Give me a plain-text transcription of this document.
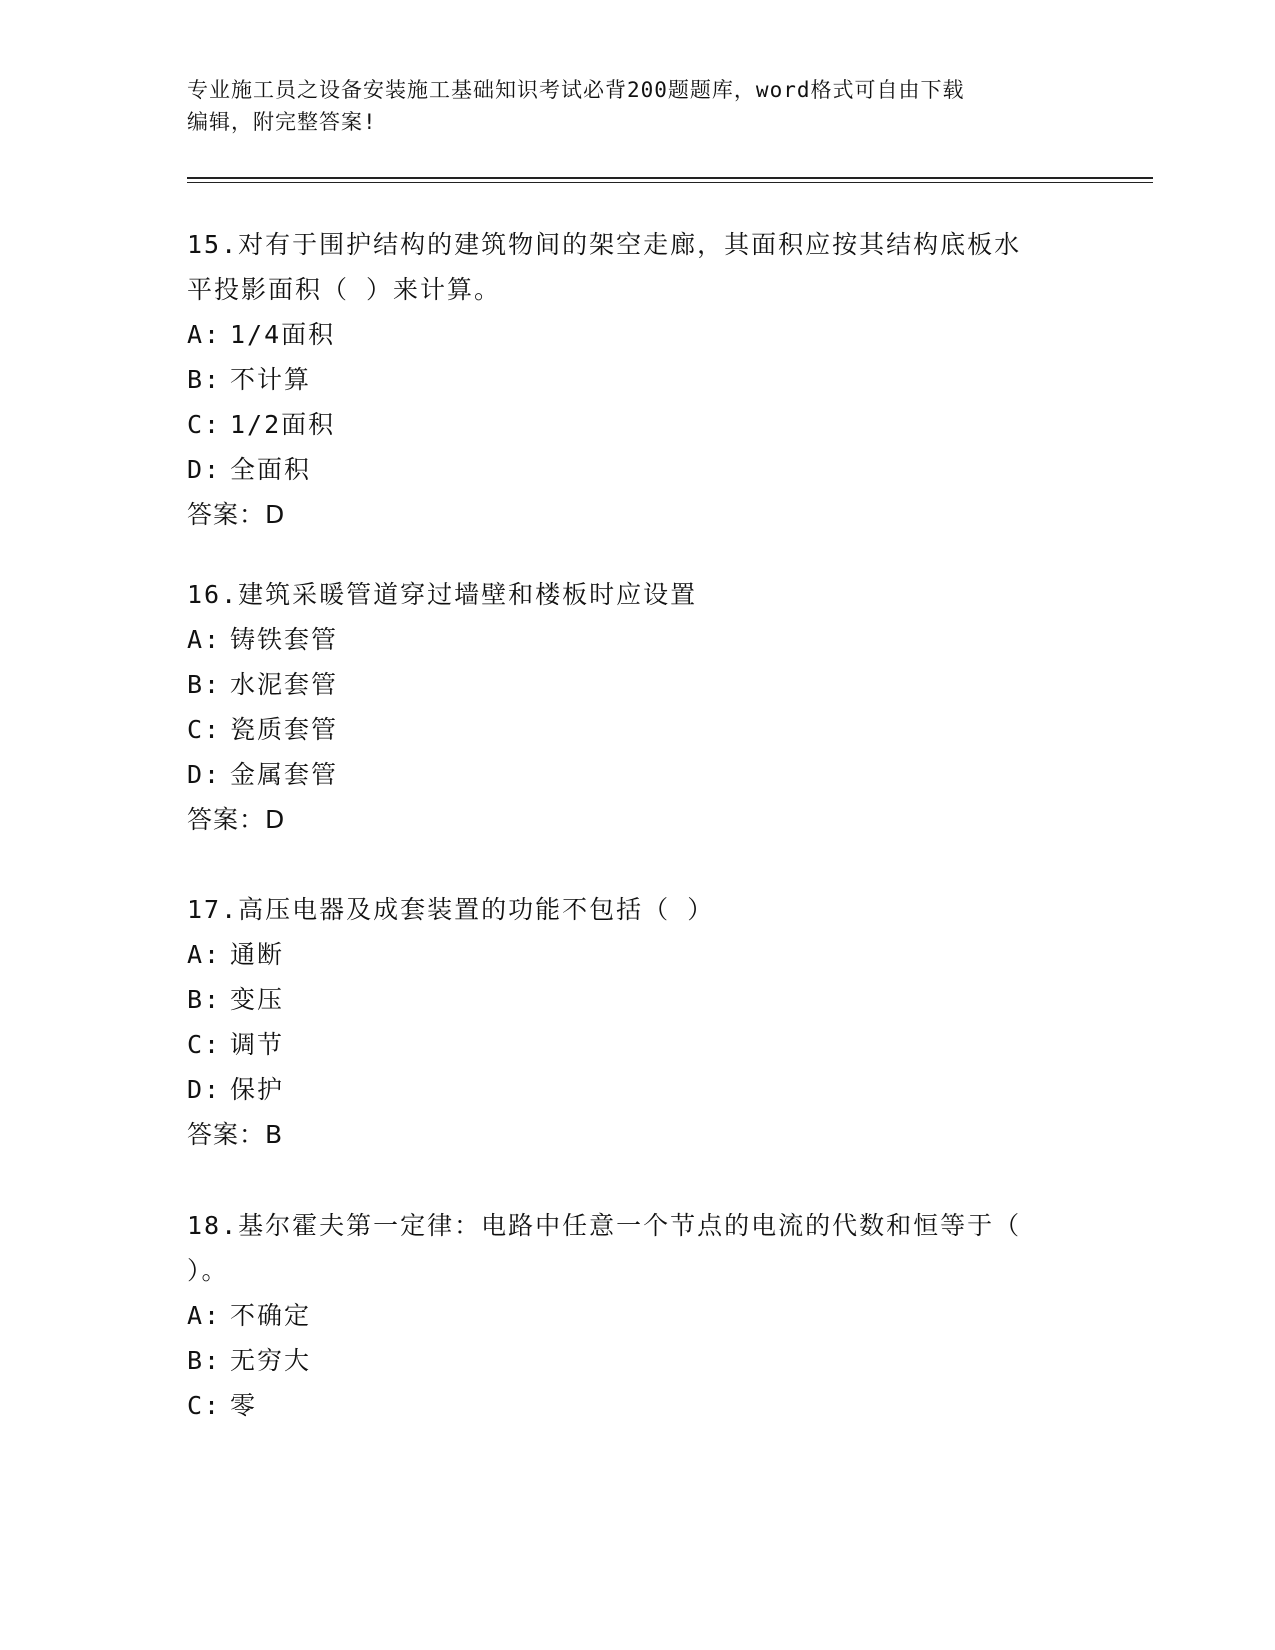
专业施工员之设备安装施工基础知识考试必背200题题库，word格式可自由下载
编辑，附完整答案!
15.对有于围护结构的建筑物间的架空走廊，其面积应按其结构底板水
平投影面积（ ）来计算。
A: 1/4面积
B: 不计算
C: 1/2面积
D: 全面积
答案：D
16.建筑采暖管道穿过墙壁和楼板时应设置
A: 铸铁套管
B: 水泥套管
C: 瓷质套管
D: 金属套管
答案：D
17.高压电器及成套装置的功能不包括（ ）
A: 通断
B: 变压
C: 调节
D: 保护
答案：B
18.基尔霍夫第一定律：电路中任意一个节点的电流的代数和恒等于（
）。
A: 不确定
B: 无穷大
C: 零
